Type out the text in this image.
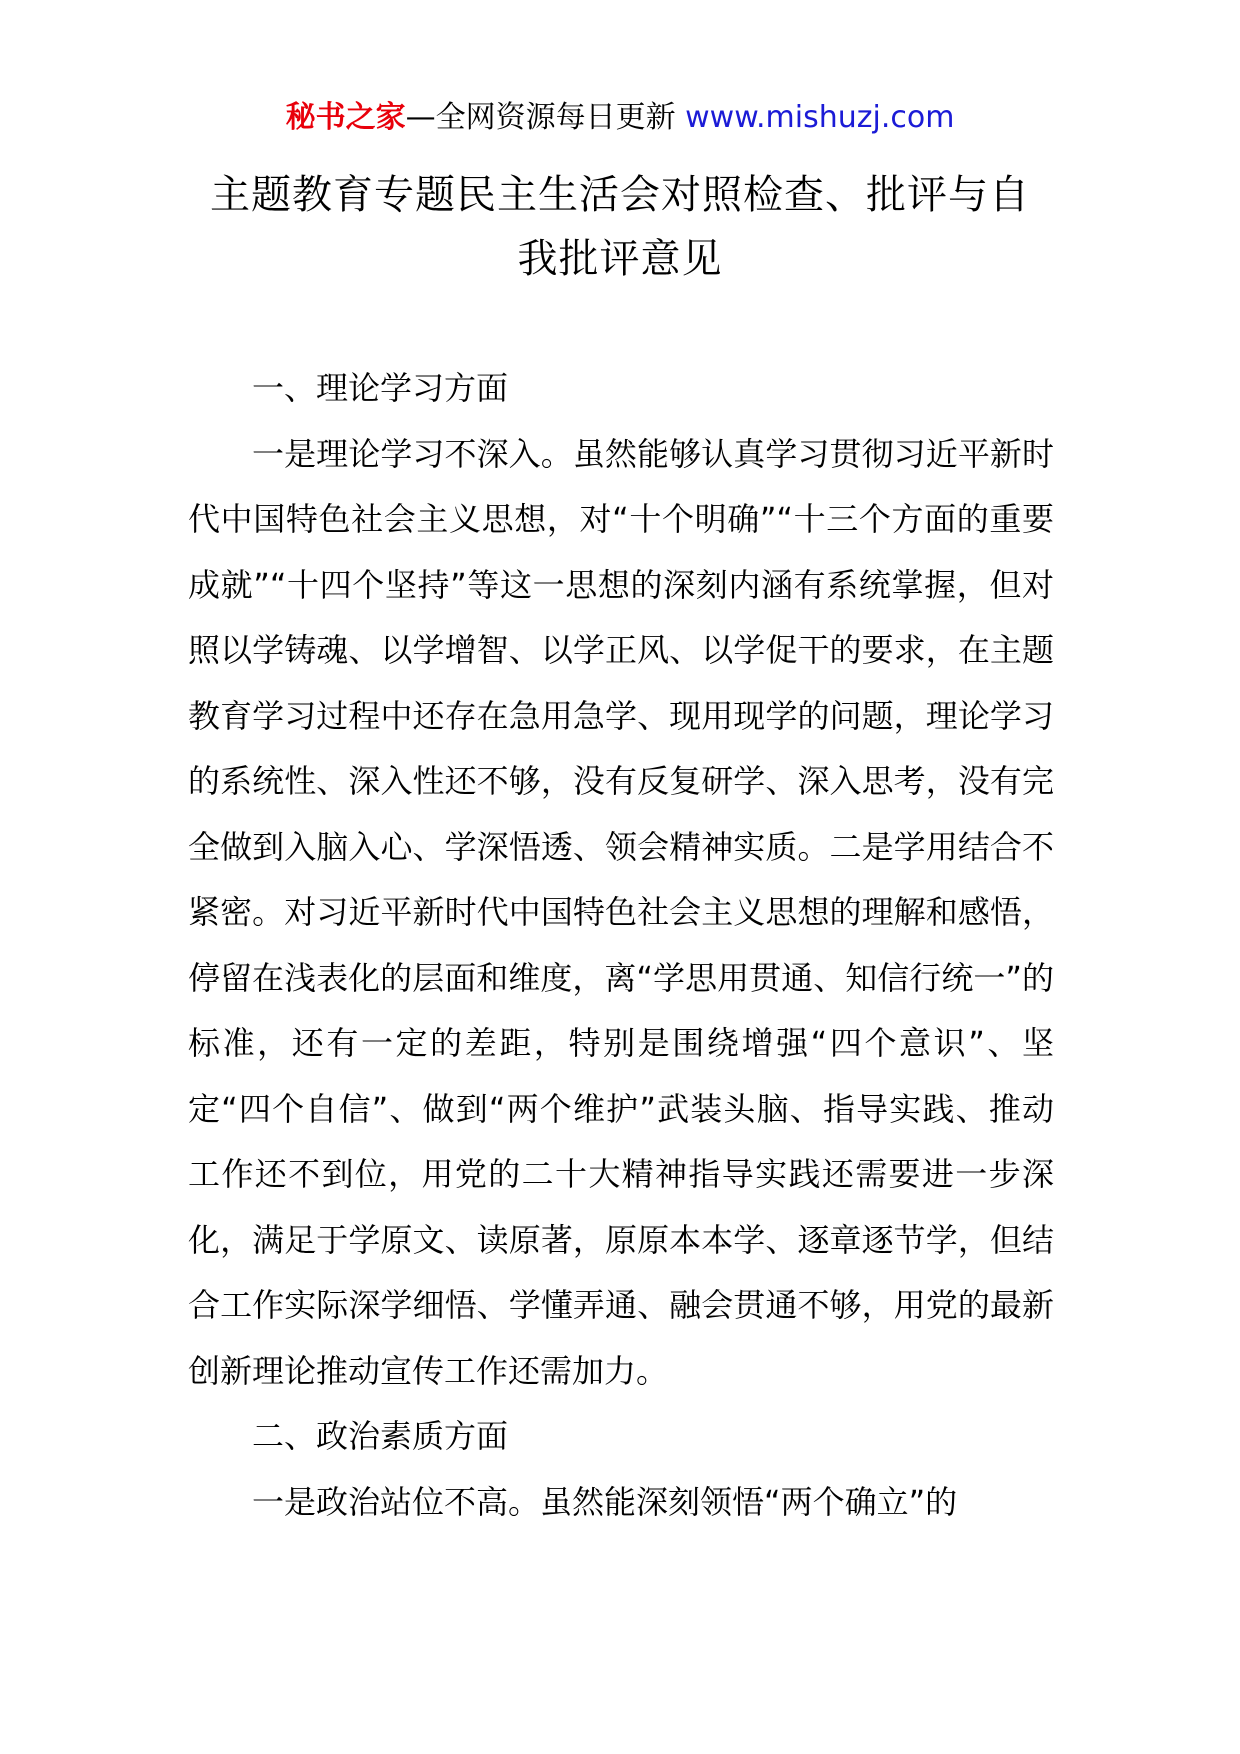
秘书之家—全网资源每日更新 www.mishuzj.com
主题教育专题民主生活会对照检查、批评与自我批评意见

一、理论学习方面

一是理论学习不深入。虽然能够认真学习贯彻习近平新时代中国特色社会主义思想，对“十个明确”“十三个方面的重要成就”“十四个坚持”等这一思想的深刻内涵有系统掌握，但对照以学铸魂、以学增智、以学正风、以学促干的要求，在主题教育学习过程中还存在急用急学、现用现学的问题，理论学习的系统性、深入性还不够，没有反复研学、深入思考，没有完全做到入脑入心、学深悟透、领会精神实质。二是学用结合不紧密。对习近平新时代中国特色社会主义思想的理解和感悟，停留在浅表化的层面和维度，离“学思用贯通、知信行统一”的标准，还有一定的差距，特别是围绕增强“四个意识”、坚定“四个自信”、做到“两个维护”武装头脑、指导实践、推动工作还不到位，用党的二十大精神指导实践还需要进一步深化，满足于学原文、读原著，原原本本学、逐章逐节学，但结合工作实际深学细悟、学懂弄通、融会贯通不够，用党的最新创新理论推动宣传工作还需加力。

二、政治素质方面

一是政治站位不高。虽然能深刻领悟“两个确立”的
